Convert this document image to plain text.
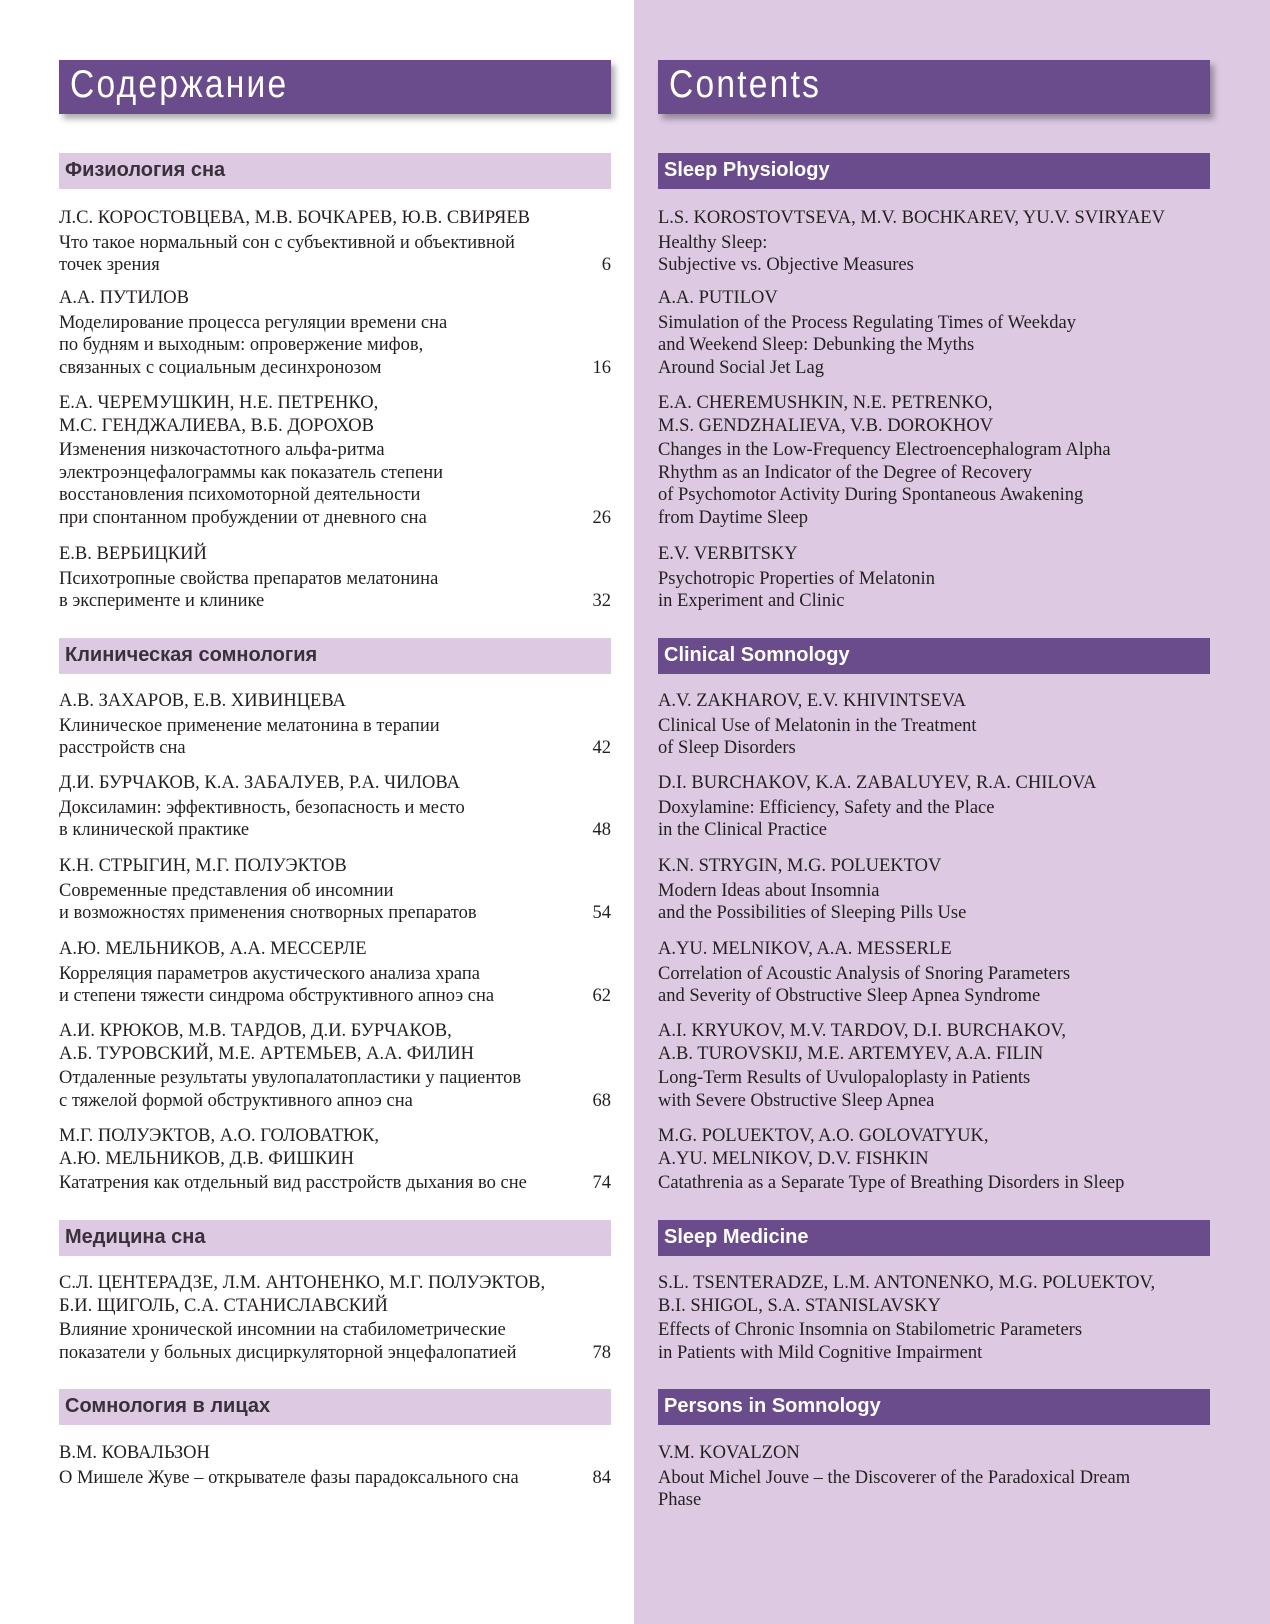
Содержание
Физиология сна
Л.С. КОРОСТОВЦЕВА, М.В. БОЧКАРЕВ, Ю.В. СВИРЯЕВ
Что такое нормальный сон с субъективной и объективной
точек зрения	6
А.А. ПУТИЛОВ
Моделирование процесса регуляции времени сна
по будням и выходным: опровержение мифов,
связанных с социальным десинхронозом	16
Е.А. ЧЕРЕМУШКИН, Н.Е. ПЕТРЕНКО,
М.С. ГЕНДЖАЛИЕВА, В.Б. ДОРОХОВ
Изменения низкочастотного альфа-ритма
электроэнцефалограммы как показатель степени
восстановления психомоторной деятельности
при спонтанном пробуждении от дневного сна	26
Е.В. ВЕРБИЦКИЙ
Психотропные свойства препаратов мелатонина
в эксперименте и клинике	32
Клиническая сомнология
А.В. ЗАХАРОВ, Е.В. ХИВИНЦЕВА
Клиническое применение мелатонина в терапии
расстройств сна	42
Д.И. БУРЧАКОВ, К.А. ЗАБАЛУЕВ, Р.А. ЧИЛОВА
Доксиламин: эффективность, безопасность и место
в клинической практике	48
К.Н. СТРЫГИН, М.Г. ПОЛУЭКТОВ
Современные представления об инсомнии
и возможностях применения снотворных препаратов	54
А.Ю. МЕЛЬНИКОВ, А.А. МЕССЕРЛЕ
Корреляция параметров акустического анализа храпа
и степени тяжести синдрома обструктивного апноэ сна	62
А.И. КРЮКОВ, М.В. ТАРДОВ, Д.И. БУРЧАКОВ,
А.Б. ТУРОВСКИЙ, М.Е. АРТЕМЬЕВ, А.А. ФИЛИН
Отдаленные результаты увулопалатопластики у пациентов
с тяжелой формой обструктивного апноэ сна	68
М.Г. ПОЛУЭКТОВ, А.О. ГОЛОВАТЮК,
А.Ю. МЕЛЬНИКОВ, Д.В. ФИШКИН
Кататрения как отдельный вид расстройств дыхания во сне	74
Медицина сна
С.Л. ЦЕНТЕРАДЗЕ, Л.М. АНТОНЕНКО, М.Г. ПОЛУЭКТОВ,
Б.И. ЩИГОЛЬ, С.А. СТАНИСЛАВСКИЙ
Влияние хронической инсомнии на стабилометрические
показатели у больных дисциркуляторной энцефалопатией	78
Сомнология в лицах
В.М. КОВАЛЬЗОН
О Мишеле Жуве – открывателе фазы парадоксального сна	84
Contents
Sleep Physiology
L.S. KOROSTOVTSEVA, M.V. BOCHKAREV, YU.V. SVIRYAEV
Healthy Sleep:
Subjective vs. Objective Measures
A.A. PUTILOV
Simulation of the Process Regulating Times of Weekday
and Weekend Sleep: Debunking the Myths
Around Social Jet Lag
E.A. CHEREMUSHKIN, N.E. PETRENKO,
M.S. GENDZHALIEVA, V.B. DOROKHOV
Changes in the Low-Frequency Electroencephalogram Alpha
Rhythm as an Indicator of the Degree of Recovery
of Psychomotor Activity During Spontaneous Awakening
from Daytime Sleep
E.V. VERBITSKY
Psychotropic Properties of Melatonin
in Experiment and Clinic
Clinical Somnology
A.V. ZAKHAROV, E.V. KHIVINTSEVA
Clinical Use of Melatonin in the Treatment
of Sleep Disorders
D.I. BURCHAKOV, K.A. ZABALUYEV, R.A. CHILOVA
Doxylamine: Efficiency, Safety and the Place
in the Clinical Practice
K.N. STRYGIN, M.G. POLUEKTOV
Modern Ideas about Insomnia
and the Possibilities of Sleeping Pills Use
A.YU. MELNIKOV, A.A. MESSERLE
Correlation of Acoustic Analysis of Snoring Parameters
and Severity of Obstructive Sleep Apnea Syndrome
A.I. KRYUKOV, M.V. TARDOV, D.I. BURCHAKOV,
A.B. TUROVSKIJ, M.E. ARTEMYEV, A.A. FILIN
Long-Term Results of Uvulopaloplasty in Patients
with Severe Obstructive Sleep Apnea
M.G. POLUEKTOV, A.O. GOLOVATYUK,
A.YU. MELNIKOV, D.V. FISHKIN
Catathrenia as a Separate Type of Breathing Disorders in Sleep
Sleep Medicine
S.L. TSENTERADZE, L.M. ANTONENKO, M.G. POLUEKTOV,
B.I. SHIGOL, S.A. STANISLAVSKY
Effects of Chronic Insomnia on Stabilometric Parameters
in Patients with Mild Cognitive Impairment
Persons in Somnology
V.M. KOVALZON
About Michel Jouve – the Discoverer of the Paradoxical Dream Phase
